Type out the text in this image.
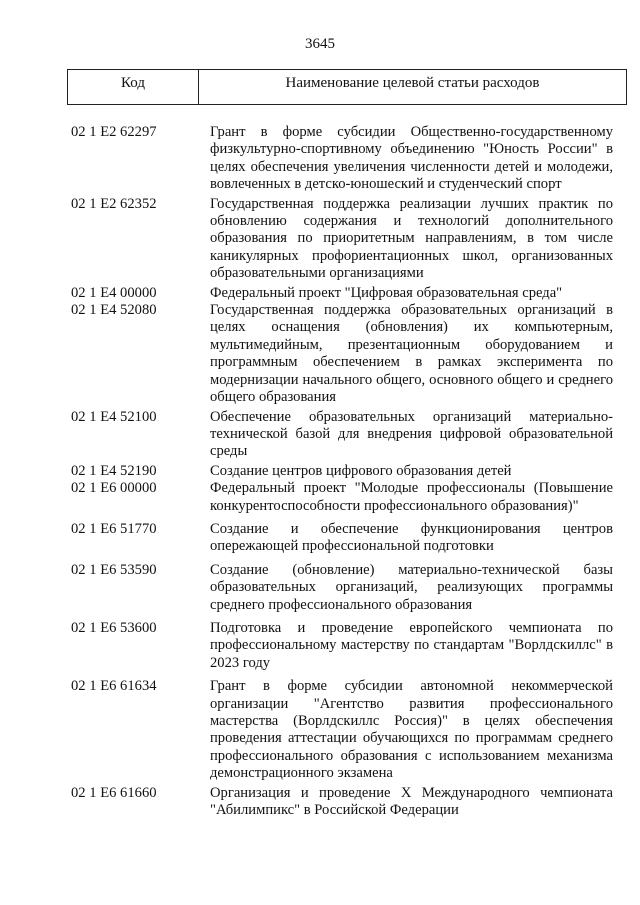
3645
Код	Наименование целевой статьи расходов
02 1 E2 62297	Грант в форме субсидии Общественно-государственному физкультурно-спортивному объединению "Юность России" в целях обеспечения увеличения численности детей и молодежи, вовлеченных в детско-юношеский и студенческий спорт
02 1 E2 62352	Государственная поддержка реализации лучших практик по обновлению содержания и технологий дополнительного образования по приоритетным направлениям, в том числе каникулярных профориентационных школ, организованных образовательными организациями
02 1 E4 00000	Федеральный проект "Цифровая образовательная среда"
02 1 E4 52080	Государственная поддержка образовательных организаций в целях оснащения (обновления) их компьютерным, мультимедийным, презентационным оборудованием и программным обеспечением в рамках эксперимента по модернизации начального общего, основного общего и среднего общего образования
02 1 E4 52100	Обеспечение образовательных организаций материально-технической базой для внедрения цифровой образовательной среды
02 1 E4 52190	Создание центров цифрового образования детей
02 1 E6 00000	Федеральный проект "Молодые профессионалы (Повышение конкурентоспособности профессионального образования)"
02 1 E6 51770	Создание и обеспечение функционирования центров опережающей профессиональной подготовки
02 1 E6 53590	Создание (обновление) материально-технической базы образовательных организаций, реализующих программы среднего профессионального образования
02 1 E6 53600	Подготовка и проведение европейского чемпионата по профессиональному мастерству по стандартам "Ворлдскиллс" в 2023 году
02 1 E6 61634	Грант в форме субсидии автономной некоммерческой организации "Агентство развития профессионального мастерства (Ворлдскиллс Россия)" в целях обеспечения проведения аттестации обучающихся по программам среднего профессионального образования с использованием механизма демонстрационного экзамена
02 1 E6 61660	Организация и проведение X Международного чемпионата "Абилимпикс" в Российской Федерации
